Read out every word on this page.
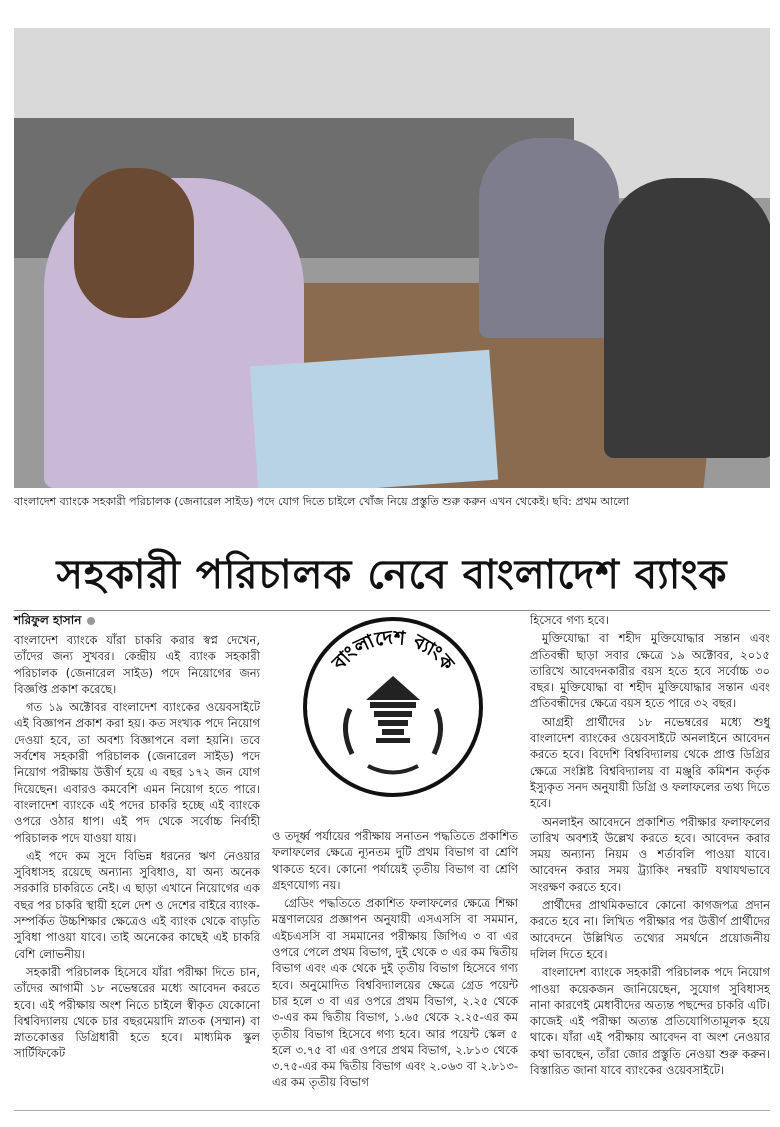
বাংলাদেশ ব্যাংকে সহকারী পরিচালক (জেনারেল সাইড) পদে যোগ দিতে চাইলে খোঁজ নিয়ে প্রস্তুতি শুরু করুন এখন থেকেই। ছবি: প্রথম আলো
সহকারী পরিচালক নেবে বাংলাদেশ ব্যাংক
শরিফুল হাসান
বাংলাদেশ ব্যাংক

বাংলাদেশ ব্যাংকে যাঁরা চাকরি করার স্বপ্ন দেখেন, তাঁদের জন্য সুখবর। কেন্দ্রীয় এই ব্যাংক সহকারী পরিচালক (জেনারেল সাইড) পদে নিয়োগের জন্য বিজ্ঞপ্তি প্রকাশ করেছে।

গত ১৯ অক্টোবর বাংলাদেশ ব্যাংকের ওয়েবসাইটে এই বিজ্ঞাপন প্রকাশ করা হয়। কত সংখ্যক পদে নিয়োগ দেওয়া হবে, তা অবশ্য বিজ্ঞাপনে বলা হয়নি। তবে সর্বশেষ সহকারী পরিচালক (জেনারেল সাইড) পদে নিয়োগ পরীক্ষায় উত্তীর্ণ হয়ে এ বছর ১৭২ জন যোগ দিয়েছেন। এবারও কমবেশি এমন নিয়োগ হতে পারে। বাংলাদেশ ব্যাংকে এই পদের চাকরি হচ্ছে এই ব্যাংকে ওপরে ওঠার ধাপ। এই পদ থেকে সর্বোচ্চ নির্বাহী পরিচালক পদে যাওয়া যায়।

এই পদে কম সুদে বিভিন্ন ধরনের ঋণ নেওয়ার সুবিধাসহ রয়েছে অন্যান্য সুবিধাও, যা অন্য অনেক সরকারি চাকরিতে নেই। এ ছাড়া এখানে নিয়োগের এক বছর পর চাকরি স্থায়ী হলে দেশ ও দেশের বাইরে ব্যাংক-সম্পর্কিত উচ্চশিক্ষার ক্ষেত্রেও এই ব্যাংক থেকে বাড়তি সুবিধা পাওয়া যাবে। তাই অনেকের কাছেই এই চাকরি বেশি লোভনীয়।

সহকারী পরিচালক হিসেবে যাঁরা পরীক্ষা দিতে চান, তাঁদের আগামী ১৮ নভেম্বরের মধ্যে আবেদন করতে হবে। এই পরীক্ষায় অংশ নিতে চাইলে স্বীকৃত যেকোনো বিশ্ববিদ্যালয় থেকে চার বছরমেয়াদি স্নাতক (সম্মান) বা স্নাতকোত্তর ডিগ্রিধারী হতে হবে। মাধ্যমিক স্কুল সার্টিফিকেট

ও তদূর্ধ্ব পর্যায়ের পরীক্ষায় সনাতন পদ্ধতিতে প্রকাশিত ফলাফলের ক্ষেত্রে ন্যূনতম দুটি প্রথম বিভাগ বা শ্রেণি থাকতে হবে। কোনো পর্যায়েই তৃতীয় বিভাগ বা শ্রেণি গ্রহণযোগ্য নয়।

গ্রেডিং পদ্ধতিতে প্রকাশিত ফলাফলের ক্ষেত্রে শিক্ষা মন্ত্রণালয়ের প্রজ্ঞাপন অনুযায়ী এসএসসি বা সমমান, এইচএসসি বা সমমানের পরীক্ষায় জিপিএ ৩ বা এর ওপরে পেলে প্রথম বিভাগ, দুই থেকে ৩ এর কম দ্বিতীয় বিভাগ এবং এক থেকে দুই তৃতীয় বিভাগ হিসেবে গণ্য হবে। অনুমোদিত বিশ্ববিদ্যালয়ের ক্ষেত্রে গ্রেড পয়েন্ট চার হলে ৩ বা এর ওপরে প্রথম বিভাগ, ২.২৫ থেকে ৩-এর কম দ্বিতীয় বিভাগ, ১.৬৫ থেকে ২.২৫-এর কম তৃতীয় বিভাগ হিসেবে গণ্য হবে। আর পয়েন্ট স্কেল ৫ হলে ৩.৭৫ বা এর ওপরে প্রথম বিভাগ, ২.৮১৩ থেকে ৩.৭৫-এর কম দ্বিতীয় বিভাগ এবং ২.০৬৩ বা ২.৮১৩-এর কম তৃতীয় বিভাগ

হিসেবে গণ্য হবে।

মুক্তিযোদ্ধা বা শহীদ মুক্তিযোদ্ধার সন্তান এবং প্রতিবন্ধী ছাড়া সবার ক্ষেত্রে ১৯ অক্টোবর, ২০১৫ তারিখে আবেদনকারীর বয়স হতে হবে সর্বোচ্চ ৩০ বছর। মুক্তিযোদ্ধা বা শহীদ মুক্তিযোদ্ধার সন্তান এবং প্রতিবন্ধীদের ক্ষেত্রে বয়স হতে পারে ৩২ বছর।

আগ্রহী প্রার্থীদের ১৮ নভেম্বরের মধ্যে শুধু বাংলাদেশ ব্যাংকের ওয়েবসাইটে অনলাইনে আবেদন করতে হবে। বিদেশি বিশ্ববিদ্যালয় থেকে প্রাপ্ত ডিগ্রির ক্ষেত্রে সংশ্লিষ্ট বিশ্ববিদ্যালয় বা মঞ্জুরি কমিশন কর্তৃক ইস্যুকৃত সনদ অনুযায়ী ডিগ্রি ও ফলাফলের তথ্য দিতে হবে।

অনলাইন আবেদনে প্রকাশিত পরীক্ষার ফলাফলের তারিখ অবশ্যই উল্লেখ করতে হবে। আবেদন করার সময় অন্যান্য নিয়ম ও শর্তাবলি পাওয়া যাবে। আবেদন করার সময় ট্র্যাকিং নম্বরটি যথাযথভাবে সংরক্ষণ করতে হবে।

প্রার্থীদের প্রাথমিকভাবে কোনো কাগজপত্র প্রদান করতে হবে না। লিখিত পরীক্ষার পর উত্তীর্ণ প্রার্থীদের আবেদনে উল্লিখিত তথ্যের সমর্থনে প্রয়োজনীয় দলিল দিতে হবে।

বাংলাদেশ ব্যাংকে সহকারী পরিচালক পদে নিয়োগ পাওয়া কয়েকজন জানিয়েছেন, সুযোগ সুবিধাসহ নানা কারণেই মেধাবীদের অত্যন্ত পছন্দের চাকরি এটি। কাজেই এই পরীক্ষা অত্যন্ত প্রতিযোগিতামূলক হয়ে থাকে। যাঁরা এই পরীক্ষায় আবেদন বা অংশ নেওয়ার কথা ভাবছেন, তাঁরা জোর প্রস্তুতি নেওয়া শুরু করুন। বিস্তারিত জানা যাবে ব্যাংকের ওয়েবসাইটে।
